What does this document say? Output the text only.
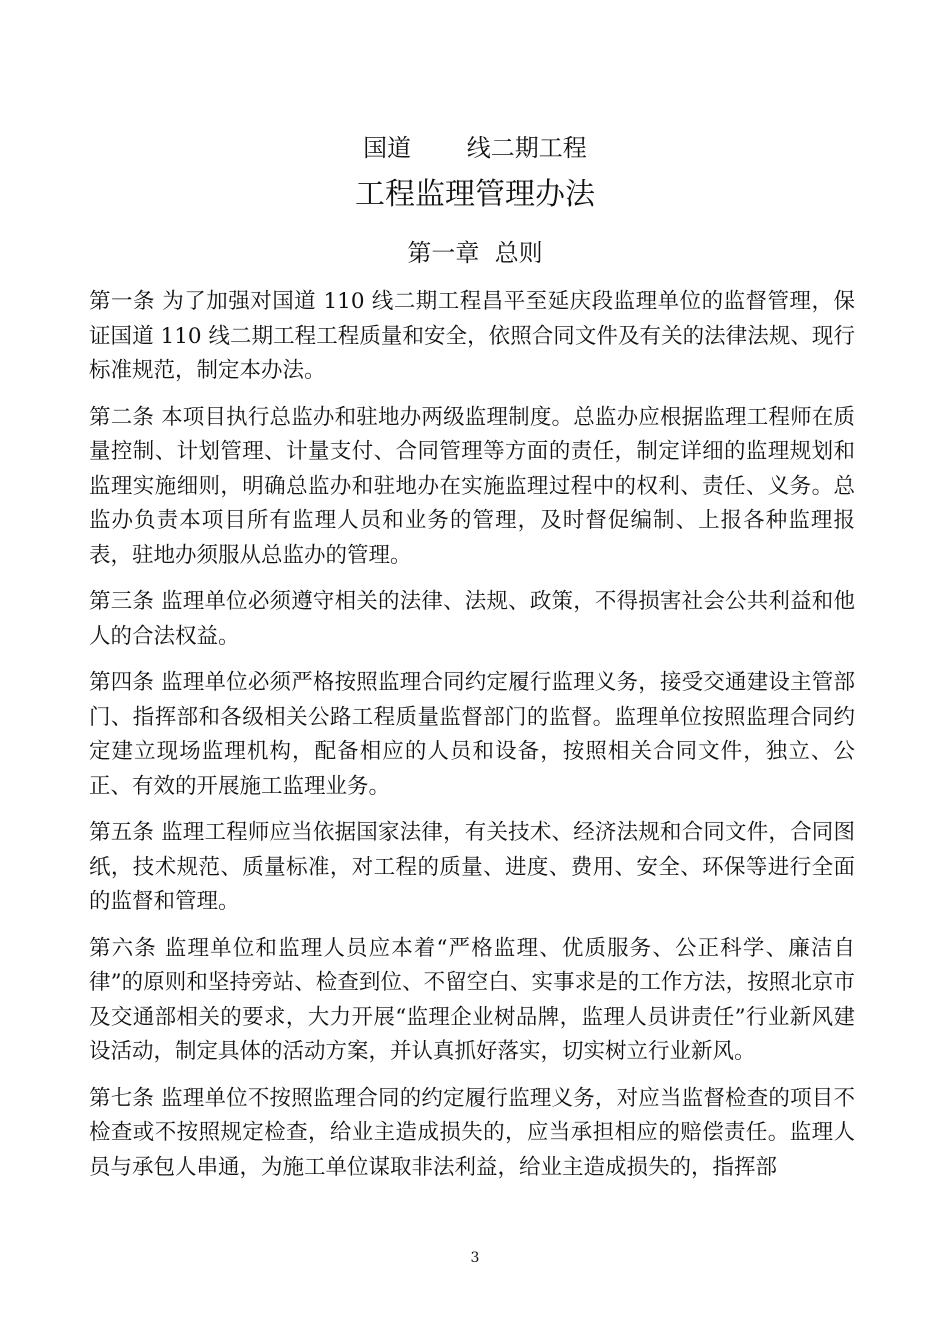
国道　　 线二期工程
工程监理管理办法
第一章  总则

第一条 为了加强对国道 110 线二期工程昌平至延庆段监理单位的监督管理，保证国道 110 线二期工程工程质量和安全，依照合同文件及有关的法律法规、现行标准规范，制定本办法。

第二条 本项目执行总监办和驻地办两级监理制度。总监办应根据监理工程师在质量控制、计划管理、计量支付、合同管理等方面的责任，制定详细的监理规划和监理实施细则，明确总监办和驻地办在实施监理过程中的权利、责任、义务。总监办负责本项目所有监理人员和业务的管理，及时督促编制、上报各种监理报表，驻地办须服从总监办的管理。

第三条 监理单位必须遵守相关的法律、法规、政策，不得损害社会公共利益和他人的合法权益。

第四条 监理单位必须严格按照监理合同约定履行监理义务，接受交通建设主管部门、指挥部和各级相关公路工程质量监督部门的监督。监理单位按照监理合同约定建立现场监理机构，配备相应的人员和设备，按照相关合同文件，独立、公正、有效的开展施工监理业务。

第五条 监理工程师应当依据国家法律，有关技术、经济法规和合同文件，合同图纸，技术规范、质量标准，对工程的质量、进度、费用、安全、环保等进行全面的监督和管理。

第六条 监理单位和监理人员应本着“严格监理、优质服务、公正科学、廉洁自律”的原则和坚持旁站、检查到位、不留空白、实事求是的工作方法，按照北京市及交通部相关的要求，大力开展“监理企业树品牌，监理人员讲责任”行业新风建设活动，制定具体的活动方案，并认真抓好落实，切实树立行业新风。

第七条 监理单位不按照监理合同的约定履行监理义务，对应当监督检查的项目不检查或不按照规定检查，给业主造成损失的，应当承担相应的赔偿责任。监理人员与承包人串通，为施工单位谋取非法利益，给业主造成损失的，指挥部

3
